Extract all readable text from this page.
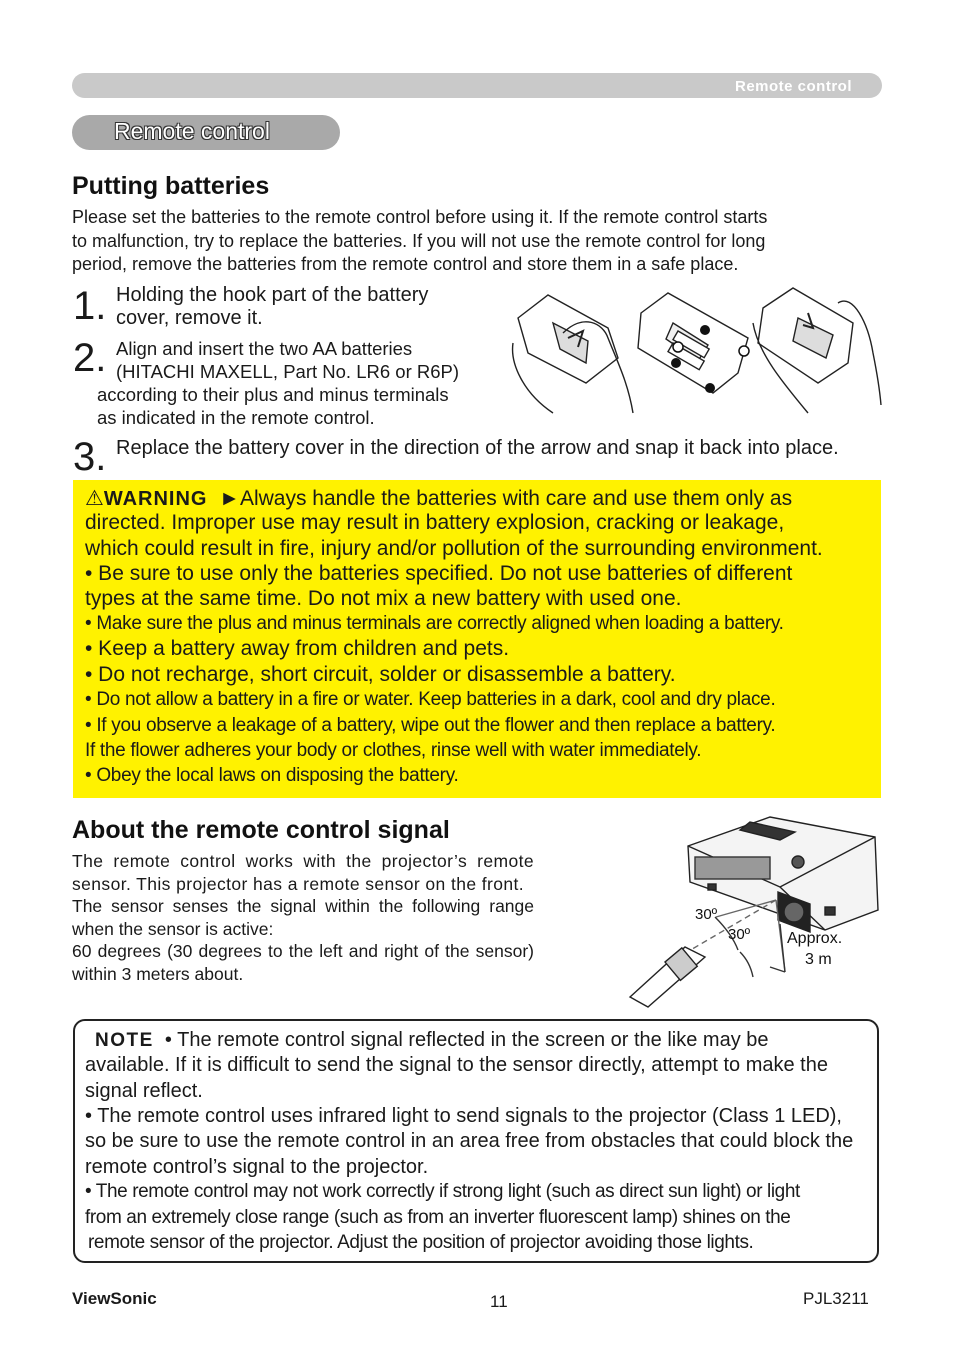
Remote control
Remote control
Putting batteries

Please set the batteries to the remote control before using it. If the remote control starts

to malfunction, try to replace the batteries. If you will not use the remote control for long

period, remove the batteries from the remote control and store them in a safe place.

1. Holding the hook part of the battery
cover, remove it.
2. Align and insert the two AA batteries
(HITACHI MAXELL, Part No. LR6 or R6P)
according to their plus and minus terminals
as indicated in the remote control.
3. Replace the battery cover in the direction of the arrow and snap it back into place.
⚠WARNING ►Always handle the batteries with care and use them only as
directed. Improper use may result in battery explosion, cracking or leakage,
which could result in fire, injury and/or pollution of the surrounding environment.
• Be sure to use only the batteries specified. Do not use batteries of different
types at the same time. Do not mix a new battery with used one.
• Make sure the plus and minus terminals are correctly aligned when loading a battery.
• Keep a battery away from children and pets.
• Do not recharge, short circuit, solder or disassemble a battery.
• Do not allow a battery in a fire or water. Keep batteries in a dark, cool and dry place.
• If you observe a leakage of a battery, wipe out the flower and then replace a battery.
If the flower adheres your body or clothes, rinse well with water immediately.
• Obey the local laws on disposing the battery.
About the remote control signal

The remote control works with the projector’s remote sensor. This projector has a remote sensor on the front.

The sensor senses the signal within the following range when the sensor is active:

60 degrees (30 degrees to the left and right of the sensor) within 3 meters about.

30º
30º Approx.
3 m
NOTE • The remote control signal reflected in the screen or the like may be
available. If it is difficult to send the signal to the sensor directly, attempt to make the
signal reflect.
• The remote control uses infrared light to send signals to the projector (Class 1 LED),
so be sure to use the remote control in an area free from obstacles that could block the
remote control’s signal to the projector.
• The remote control may not work correctly if strong light (such as direct sun light) or light
from an extremely close range (such as from an inverter fluorescent lamp) shines on the
remote sensor of the projector. Adjust the position of projector avoiding those lights.
ViewSonic	11	PJL3211
